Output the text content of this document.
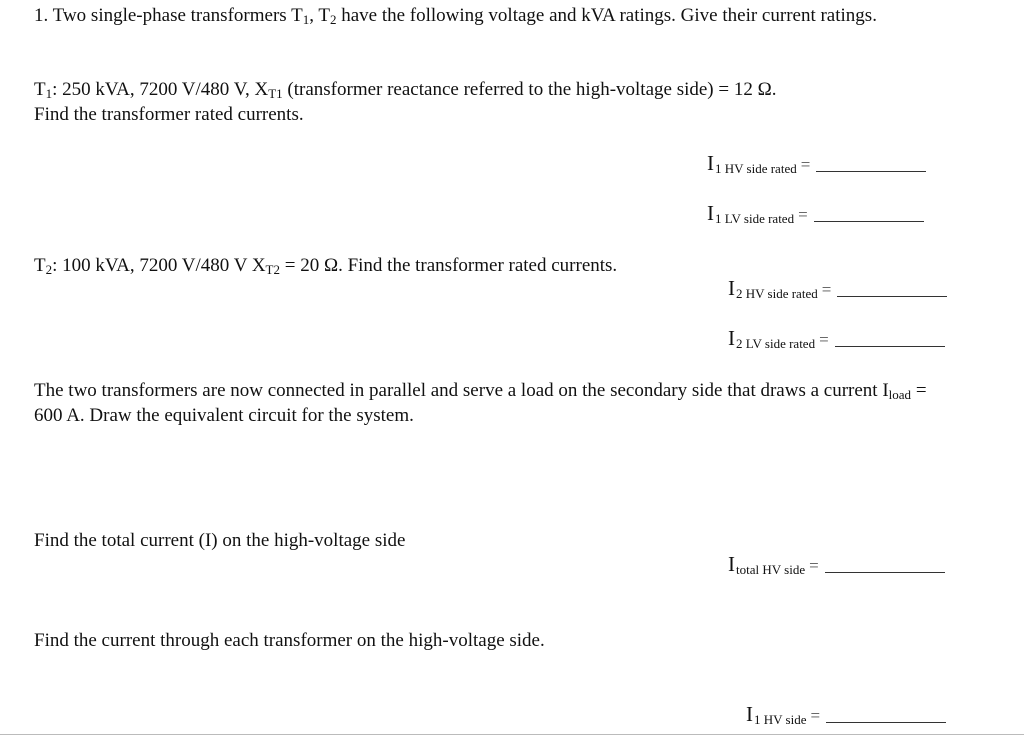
1. Two single-phase transformers $T_1$, $T_2$ have the following voltage and kVA ratings. Give their current ratings.
$T_1$: 250 kVA, 7200 V/480 V, $X_{T1}$ (transformer reactance referred to the high-voltage side) = 12 Ω.
Find the transformer rated currents.
I 1 HV side rated =
I 1 LV side rated =
$T_2$: 100 kVA, 7200 V/480 V $X_{T2} = 20$ Ω. Find the transformer rated currents.
I 2 HV side rated =
I 2 LV side rated =
The two transformers are now connected in parallel and serve a load on the secondary side that draws a current $I_{load} = 600$ A. Draw the equivalent circuit for the system.
Find the total current (I) on the high-voltage side
I total HV side =
Find the current through each transformer on the high-voltage side.
I 1 HV side =
